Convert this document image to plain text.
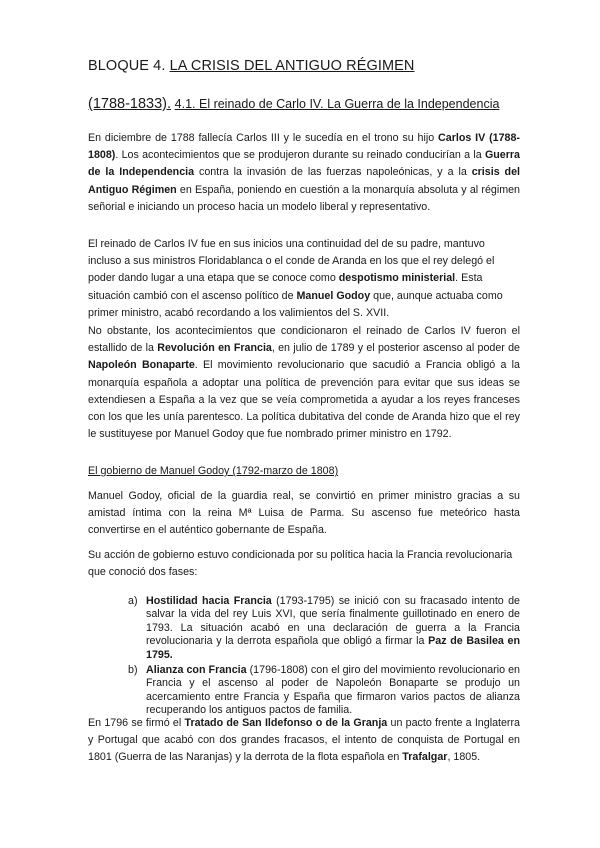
BLOQUE 4. LA CRISIS DEL ANTIGUO RÉGIMEN
(1788-1833). 4.1. El reinado de Carlo IV. La Guerra de la Independencia

En diciembre de 1788 fallecía Carlos III y le sucedía en el trono su hijo Carlos IV (1788-1808). Los acontecimientos que se produjeron durante su reinado conducirían a la Guerra de la Independencia contra la invasión de las fuerzas napoleónicas, y a la crisis del Antiguo Régimen en España, poniendo en cuestión a la monarquía absoluta y al régimen señorial e iniciando un proceso hacia un modelo liberal y representativo.

El reinado de Carlos IV fue en sus inicios una continuidad del de su padre, mantuvo incluso a sus ministros Floridablanca o el conde de Aranda en los que el rey delegó el poder dando lugar a una etapa que se conoce como despotismo ministerial. Esta situación cambió con el ascenso político de Manuel Godoy que, aunque actuaba como primer ministro, acabó recordando a los valimientos del S. XVII.

No obstante, los acontecimientos que condicionaron el reinado de Carlos IV fueron el estallido de la Revolución en Francia, en julio de 1789 y el posterior ascenso al poder de Napoleón Bonaparte. El movimiento revolucionario que sacudió a Francia obligó a la monarquía española a adoptar una política de prevención para evitar que sus ideas se extendiesen a España a la vez que se veía comprometida a ayudar a los reyes franceses con los que les unía parentesco. La política dubitativa del conde de Aranda hizo que el rey le sustituyese por Manuel Godoy que fue nombrado primer ministro en 1792.

El gobierno de Manuel Godoy (1792-marzo de 1808)

Manuel Godoy, oficial de la guardia real, se convirtió en primer ministro gracias a su amistad íntima con la reina Mª Luisa de Parma. Su ascenso fue meteórico hasta convertirse en el auténtico gobernante de España.

Su acción de gobierno estuvo condicionada por su política hacia la Francia revolucionaria que conoció dos fases:

a) Hostilidad hacia Francia (1793-1795) se inició con su fracasado intento de salvar la vida del rey Luis XVI, que sería finalmente guillotinado en enero de 1793. La situación acabó en una declaración de guerra a la Francia revolucionaria y la derrota española que obligó a firmar la Paz de Basilea en 1795.
b) Alianza con Francia (1796-1808) con el giro del movimiento revolucionario en Francia y el ascenso al poder de Napoleón Bonaparte se produjo un acercamiento entre Francia y España que firmaron varios pactos de alianza recuperando los antiguos pactos de familia.

En 1796 se firmó el Tratado de San Ildefonso o de la Granja un pacto frente a Inglaterra y Portugal que acabó con dos grandes fracasos, el intento de conquista de Portugal en 1801 (Guerra de las Naranjas) y la derrota de la flota española en Trafalgar, 1805.
